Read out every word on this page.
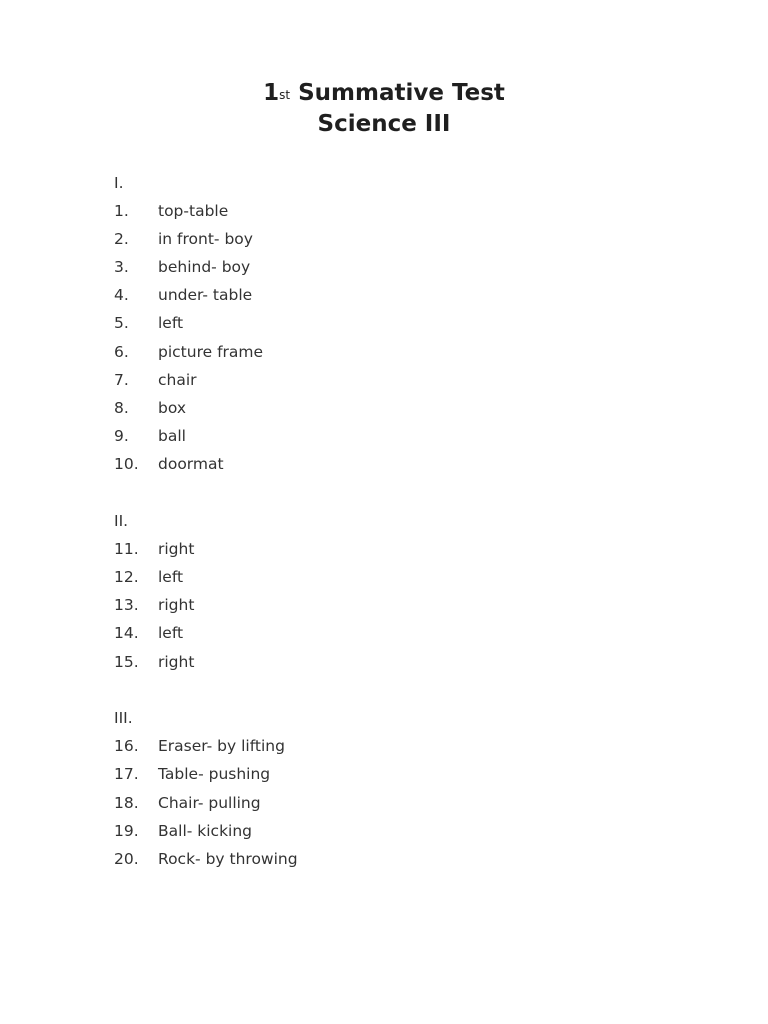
1st Summative Test
Science III
I.
1. top-table
2. in front- boy
3. behind- boy
4. under- table
5. left
6. picture frame
7. chair
8. box
9. ball
10. doormat
II.
11. right
12. left
13. right
14. left
15. right
III.
16. Eraser- by lifting
17. Table- pushing
18. Chair- pulling
19. Ball- kicking
20. Rock- by throwing
